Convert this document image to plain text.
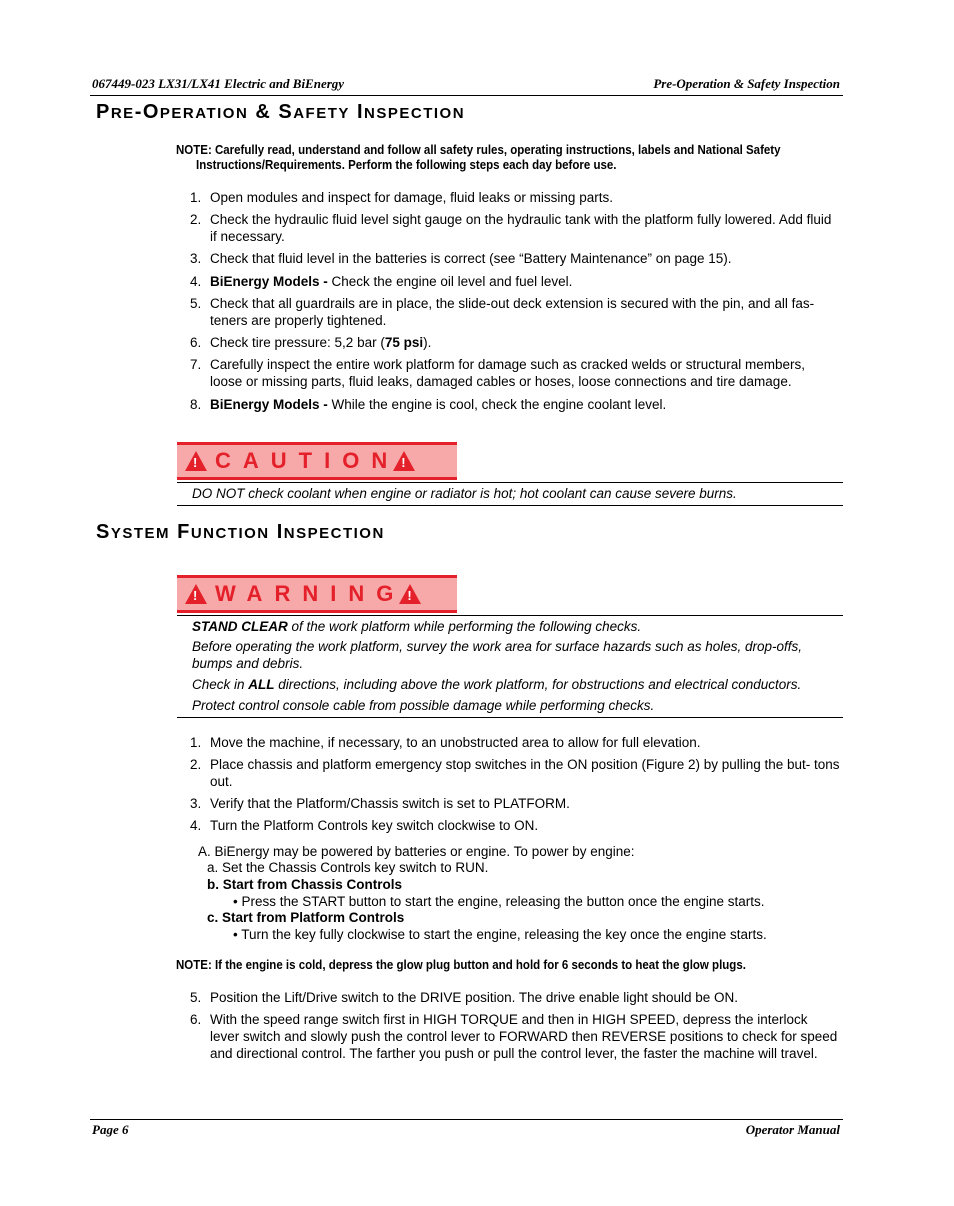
067449-023 LX31/LX41 Electric and BiEnergy	Pre-Operation & Safety Inspection
PRE-OPERATION & SAFETY INSPECTION
NOTE: Carefully read, understand and follow all safety rules, operating instructions, labels and National Safety
Instructions/Requirements. Perform the following steps each day before use.
1. Open modules and inspect for damage, fluid leaks or missing parts.
2. Check the hydraulic fluid level sight gauge on the hydraulic tank with the platform fully lowered. Add fluid if necessary.
3. Check that fluid level in the batteries is correct (see “Battery Maintenance” on page 15).
4. BiEnergy Models - Check the engine oil level and fuel level.
5. Check that all guardrails are in place, the slide-out deck extension is secured with the pin, and all fas- teners are properly tightened.
6. Check tire pressure: 5,2 bar (75 psi).
7. Carefully inspect the entire work platform for damage such as cracked welds or structural members, loose or missing parts, fluid leaks, damaged cables or hoses, loose connections and tire damage.
8. BiEnergy Models - While the engine is cool, check the engine coolant level.
! CAUTION !
DO NOT check coolant when engine or radiator is hot; hot coolant can cause severe burns.
SYSTEM FUNCTION INSPECTION
! WARNING !
STAND CLEAR of the work platform while performing the following checks.
Before operating the work platform, survey the work area for surface hazards such as holes, drop-offs,
bumps and debris.
Check in ALL directions, including above the work platform, for obstructions and electrical conductors.
Protect control console cable from possible damage while performing checks.
1. Move the machine, if necessary, to an unobstructed area to allow for full elevation.
2. Place chassis and platform emergency stop switches in the ON position (Figure 2) by pulling the but- tons out.
3. Verify that the Platform/Chassis switch is set to PLATFORM.
4. Turn the Platform Controls key switch clockwise to ON.
A. BiEnergy may be powered by batteries or engine. To power by engine:
a. Set the Chassis Controls key switch to RUN.
b. Start from Chassis Controls
• Press the START button to start the engine, releasing the button once the engine starts.
c. Start from Platform Controls
• Turn the key fully clockwise to start the engine, releasing the key once the engine starts.
NOTE: If the engine is cold, depress the glow plug button and hold for 6 seconds to heat the glow plugs.
5. Position the Lift/Drive switch to the DRIVE position. The drive enable light should be ON.
6. With the speed range switch first in HIGH TORQUE and then in HIGH SPEED, depress the interlock lever switch and slowly push the control lever to FORWARD then REVERSE positions to check for speed and directional control. The farther you push or pull the control lever, the faster the machine will travel.
Page 6	Operator Manual
